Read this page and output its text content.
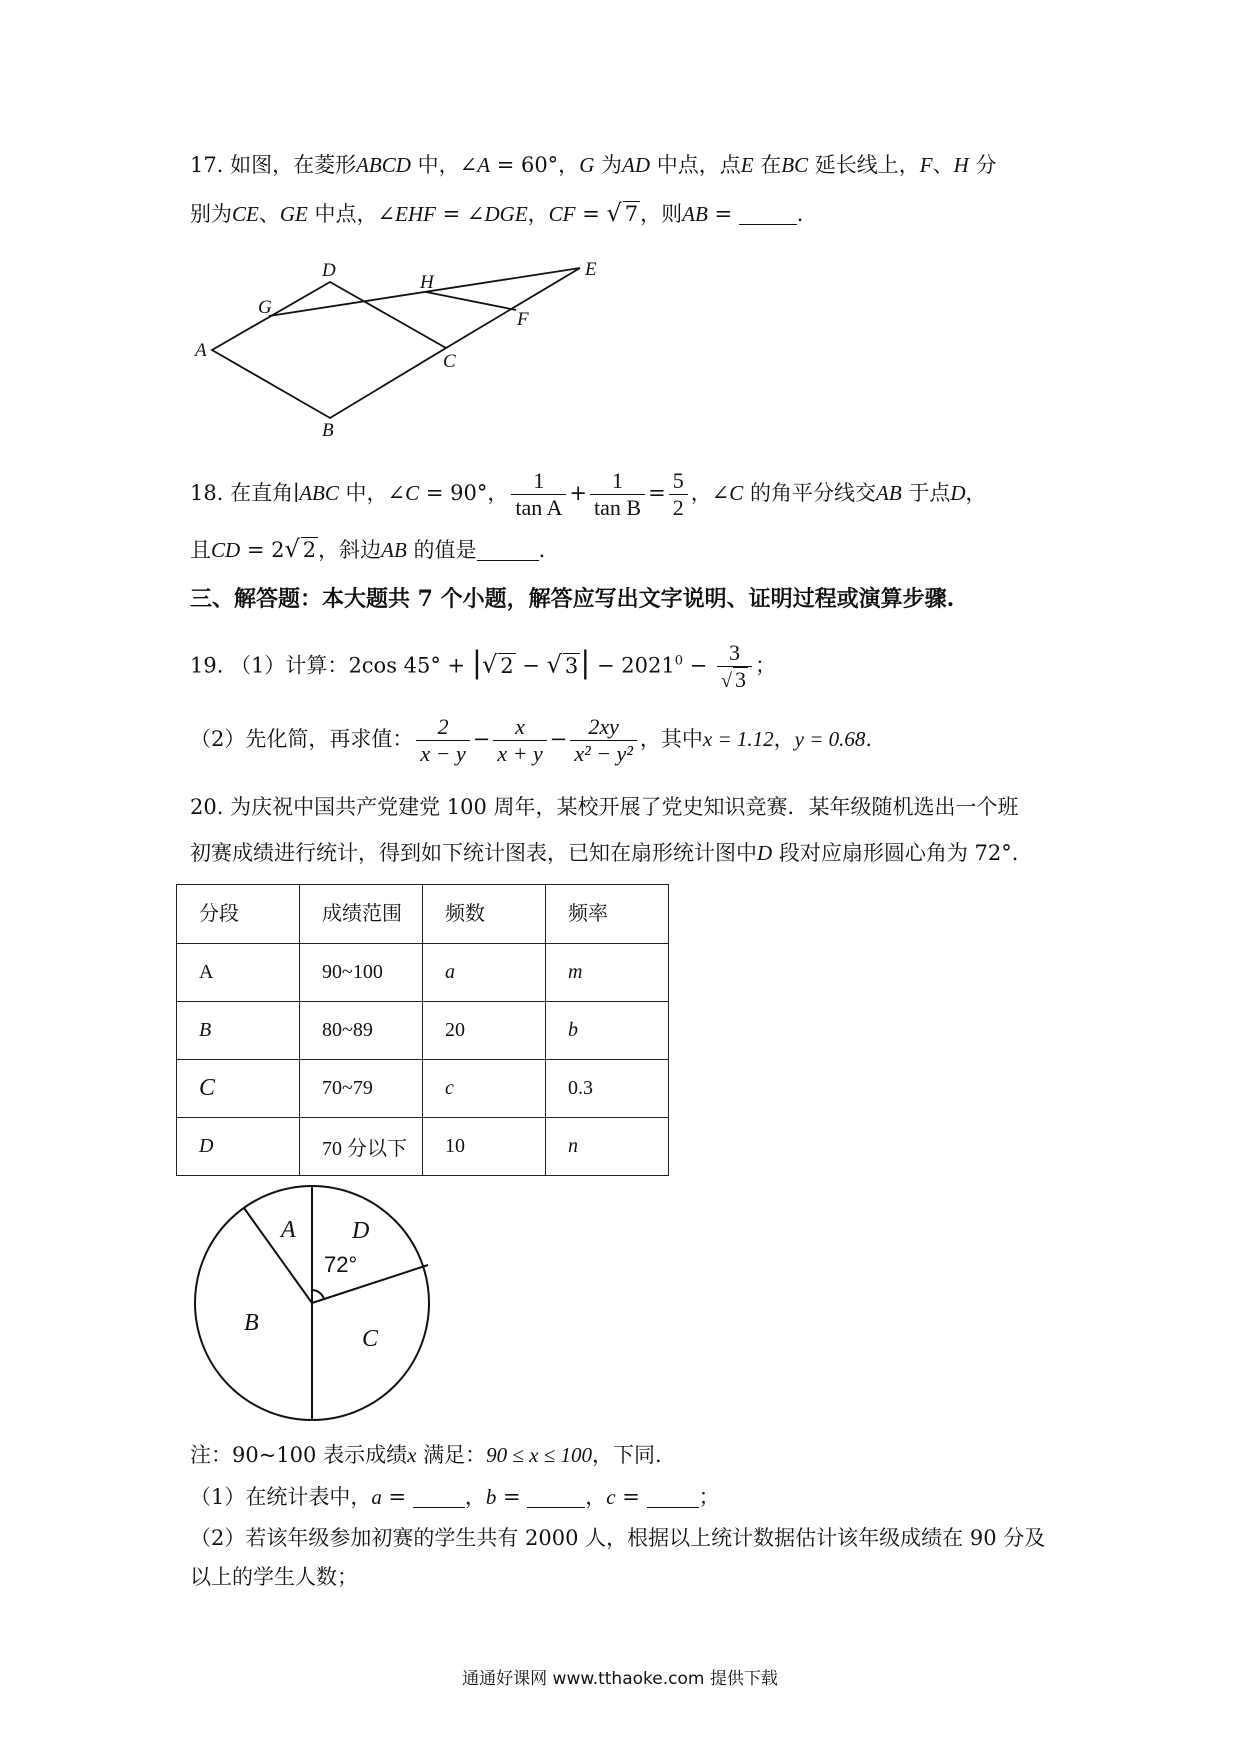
17. 如图，在菱形ABCD 中，∠A = 60°，G 为AD 中点，点E 在BC 延长线上，F、H 分
别为CE、GE 中点，∠EHF = ∠DGE，CF = √ 7，则AB =	.
D
H
E
G
F
A
C
B
18. 在直角∣ABC 中，∠C = 90°， $\frac{1}{\text{tan A}} + \frac{1}{\text{tan B}} = \frac{5}{2}$ ，∠C 的角平分线交AB 于点D，
且CD = 2√ 2，斜边AB 的值是	.
三、解答题：本大题共 7 个小题，解答应写出文字说明、证明过程或演算步骤.
19. （1）计算：2cos 45° + |√ 2 − √ $3| - 2021^0 - \frac{3}{√ 3}$ ；
（2）先化简，再求值： $\frac{2}{x - y} - \frac{x}{x + y} - \frac{2xy}{\text{x² − y²}}$ ，其中x = 1.12，y = 0.68.
20. 为庆祝中国共产党建党 100 周年，某校开展了党史知识竞赛．某年级随机选出一个班
初赛成绩进行统计，得到如下统计图表，已知在扇形统计图中D 段对应扇形圆心角为 72°．
分段	成绩范围	频数	频率
A	90~100	a	m
B	80~89	20	b
C	70~79	c	0.3
D	70 分以下	10	n
A D
B
C
72°
注：90~100 表示成绩x 满足：90 ≤ x ≤ 100，下同.
（1）在统计表中，a = ，b =	，c = ；
（2）若该年级参加初赛的学生共有 2000 人，根据以上统计数据估计该年级成绩在 90 分及
以上的学生人数；
通通好课网 www.tthaoke.com 提供下载
